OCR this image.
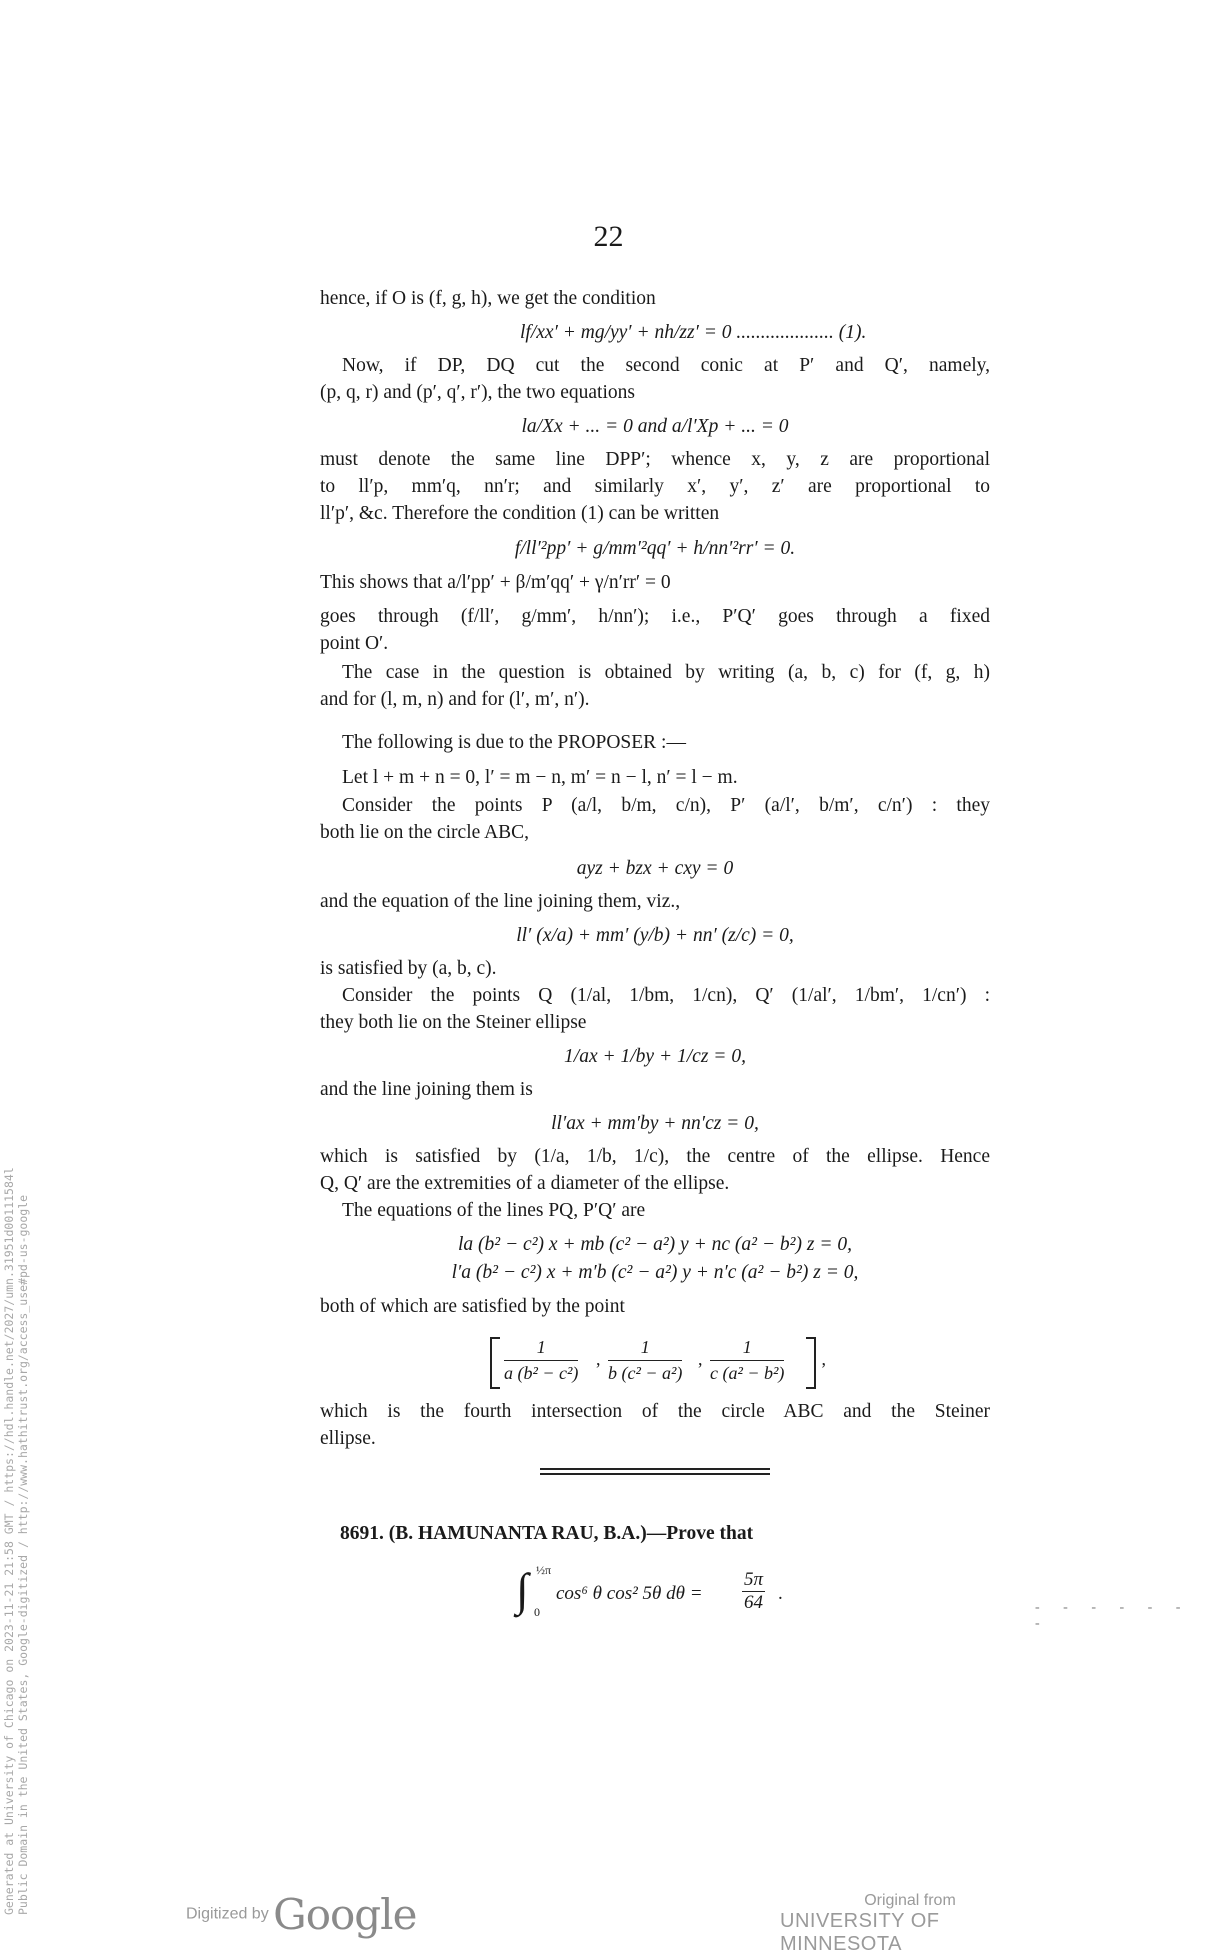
22
hence, if O is (f, g, h), we get the condition
lf/xx′ + mg/yy′ + nh/zz′ = 0 .................... (1).
Now, if DP, DQ cut the second conic at P′ and Q′, namely,
(p, q, r) and (p′, q′, r′), the two equations
la/Xx + ... = 0 and a/l′Xp + ... = 0
must denote the same line DPP′; whence x, y, z are proportional
to ll′p, mm′q, nn′r; and similarly x′, y′, z′ are proportional to
ll′p′, &c. Therefore the condition (1) can be written
f/ll′²pp′ + g/mm′²qq′ + h/nn′²rr′ = 0.
This shows that a/l′pp′ + β/m′qq′ + γ/n′rr′ = 0
goes through (f/ll′, g/mm′, h/nn′); i.e., P′Q′ goes through a fixed
point O′.
The case in the question is obtained by writing (a, b, c) for (f, g, h)
and for (l, m, n) and for (l′, m′, n′).
The following is due to the PROPOSER :—
Let l + m + n = 0, l′ = m − n, m′ = n − l, n′ = l − m.
Consider the points P (a/l, b/m, c/n), P′ (a/l′, b/m′, c/n′) : they
both lie on the circle ABC,
ayz + bzx + cxy = 0
and the equation of the line joining them, viz.,
ll′ (x/a) + mm′ (y/b) + nn′ (z/c) = 0,
is satisfied by (a, b, c).
Consider the points Q (1/al, 1/bm, 1/cn), Q′ (1/al′, 1/bm′, 1/cn′) :
they both lie on the Steiner ellipse
1/ax + 1/by + 1/cz = 0,
and the line joining them is
ll′ax + mm′by + nn′cz = 0,
which is satisfied by (1/a, 1/b, 1/c), the centre of the ellipse. Hence
Q, Q′ are the extremities of a diameter of the ellipse.
The equations of the lines PQ, P′Q′ are
la (b² − c²) x + mb (c² − a²) y + nc (a² − b²) z = 0,
l′a (b² − c²) x + m′b (c² − a²) y + n′c (a² − b²) z = 0,
both of which are satisfied by the point
$\frac{1}{\text{a (b² − c²)}}$ , $\frac{1}{\text{b (c² − a²)}}$ , $\frac{1}{\text{c (a² − b²)}}$ ,
which is the fourth intersection of the circle ABC and the Steiner
ellipse.
8691. (B. HAMUNANTA RAU, B.A.)—Prove that
∫ ½π
0
cos⁶ θ cos² 5θ $d\theta = \frac{5\pi}{64}$ .
- - - - - - -
Generated at University of Chicago on 2023-11-21 21:58 GMT / https://hdl.handle.net/2027/umn.31951d00111584l Public Domain in the United States, Google-digitized / http://www.hathitrust.org/access_use#pd-us-google	Digitized by Google	Original from
UNIVERSITY OF MINNESOTA
